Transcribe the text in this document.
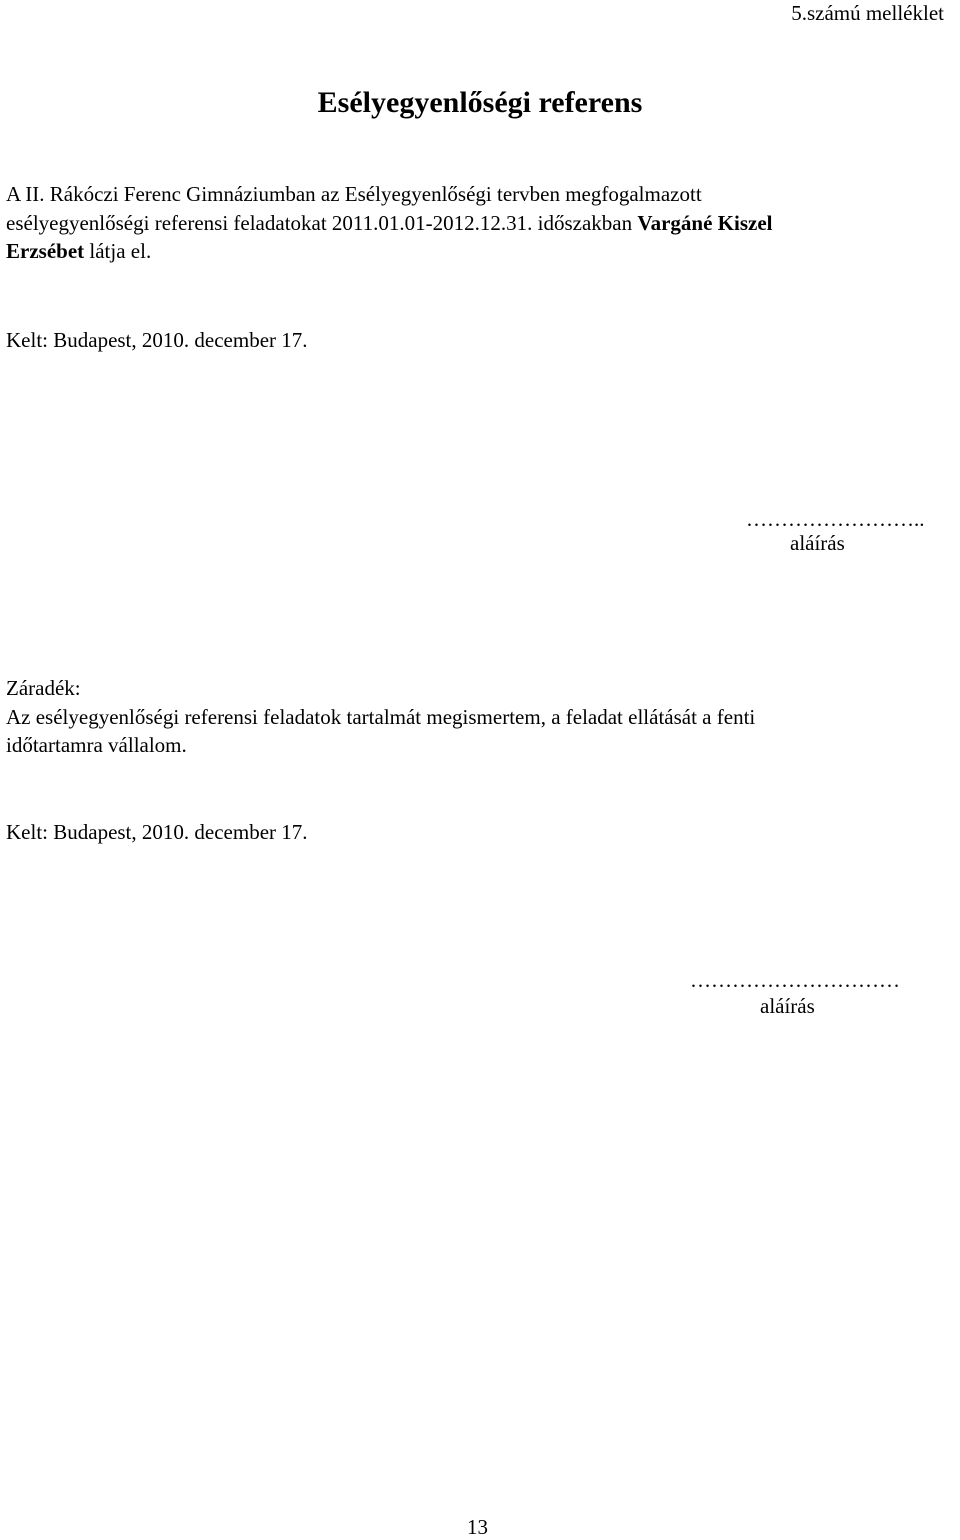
5.számú melléklet
Esélyegyenlőségi referens
A II. Rákóczi Ferenc Gimnáziumban az Esélyegyenlőségi tervben megfogalmazott
esélyegyenlőségi referensi feladatokat 2011.01.01-2012.12.31. időszakban Vargáné Kiszel
Erzsébet látja el.
Kelt: Budapest, 2010. december 17.
……………………..
aláírás
Záradék:
Az esélyegyenlőségi referensi feladatok tartalmát megismertem, a feladat ellátását a fenti
időtartamra vállalom.
Kelt: Budapest, 2010. december 17.
…………………………
aláírás
13
